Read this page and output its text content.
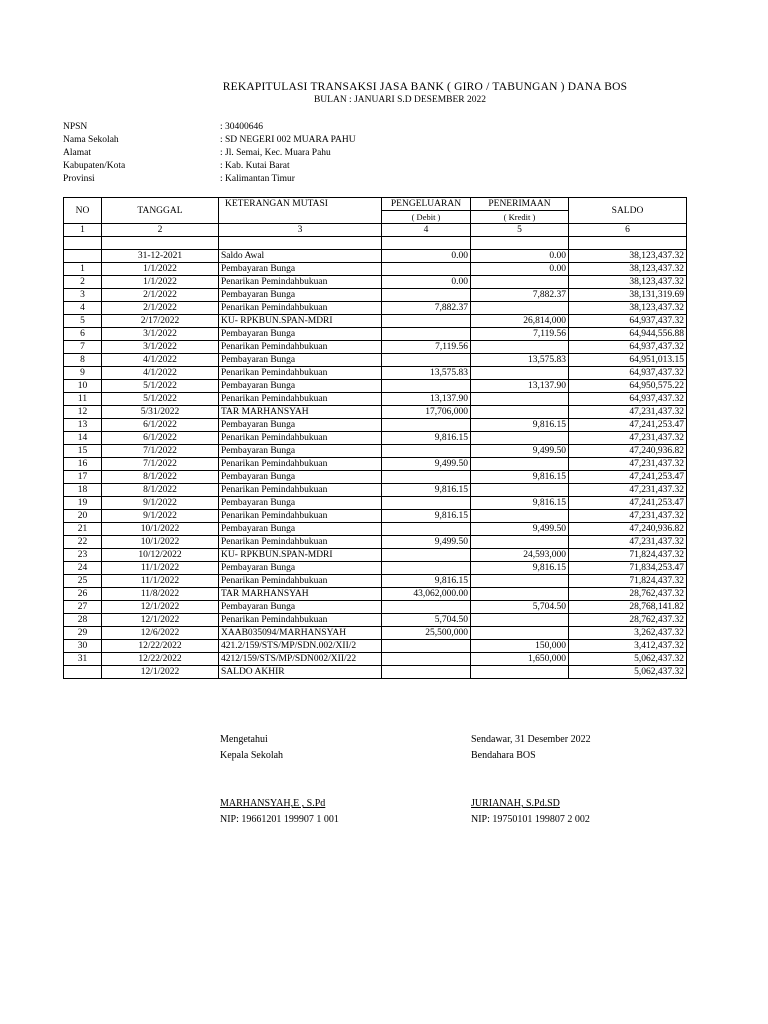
REKAPITULASI TRANSAKSI JASA BANK ( GIRO / TABUNGAN ) DANA BOS
BULAN : JANUARI S.D DESEMBER 2022
NPSN	: 30400646
Nama Sekolah	: SD NEGERI 002 MUARA PAHU
Alamat	: Jl. Semai, Kec. Muara Pahu
Kabupaten/Kota	: Kab. Kutai Barat
Provinsi	: Kalimantan Timur
NO	TANGGAL	KETERANGAN MUTASI	PENGELUARAN	PENERIMAAN	SALDO
			( Debit )	( Kredit )	
1	2	3	4	5	6

	31-12-2021	Saldo Awal	0.00	0.00	38,123,437.32
1	1/1/2022	Pembayaran Bunga		0.00	38,123,437.32
2	1/1/2022	Penarikan Pemindahbukuan	0.00		38,123,437.32
3	2/1/2022	Pembayaran Bunga		7,882.37	38,131,319.69
4	2/1/2022	Penarikan Pemindahbukuan	7,882.37		38,123,437.32
5	2/17/2022	KU- RPKBUN.SPAN-MDRI		26,814,000	64,937,437.32
6	3/1/2022	Pembayaran Bunga		7,119.56	64,944,556.88
7	3/1/2022	Penarikan Pemindahbukuan	7,119.56		64,937,437.32
8	4/1/2022	Pembayaran Bunga		13,575.83	64,951,013.15
9	4/1/2022	Penarikan Pemindahbukuan	13,575.83		64,937,437.32
10	5/1/2022	Pembayaran Bunga		13,137.90	64,950,575.22
11	5/1/2022	Penarikan Pemindahbukuan	13,137.90		64,937,437.32
12	5/31/2022	TAR MARHANSYAH	17,706,000		47,231,437.32
13	6/1/2022	Pembayaran Bunga		9,816.15	47,241,253.47
14	6/1/2022	Penarikan Pemindahbukuan	9,816.15		47,231,437.32
15	7/1/2022	Pembayaran Bunga		9,499.50	47,240,936.82
16	7/1/2022	Penarikan Pemindahbukuan	9,499.50		47,231,437.32
17	8/1/2022	Pembayaran Bunga		9,816.15	47,241,253.47
18	8/1/2022	Penarikan Pemindahbukuan	9,816.15		47,231,437.32
19	9/1/2022	Pembayaran Bunga		9,816.15	47,241,253.47
20	9/1/2022	Penarikan Pemindahbukuan	9,816.15		47,231,437.32
21	10/1/2022	Pembayaran Bunga		9,499.50	47,240,936.82
22	10/1/2022	Penarikan Pemindahbukuan	9,499.50		47,231,437.32
23	10/12/2022	KU- RPKBUN.SPAN-MDRI		24,593,000	71,824,437.32
24	11/1/2022	Pembayaran Bunga		9,816.15	71,834,253.47
25	11/1/2022	Penarikan Pemindahbukuan	9,816.15		71,824,437.32
26	11/8/2022	TAR MARHANSYAH	43,062,000.00		28,762,437.32
27	12/1/2022	Pembayaran Bunga		5,704.50	28,768,141.82
28	12/1/2022	Penarikan Pemindahbukuan	5,704.50		28,762,437.32
29	12/6/2022	XAAB035094/MARHANSYAH	25,500,000		3,262,437.32
30	12/22/2022	421.2/159/STS/MP/SDN.002/XII/2		150,000	3,412,437.32
31	12/22/2022	4212/159/STS/MP/SDN002/XII/22		1,650,000	5,062,437.32
	12/1/2022	SALDO AKHIR			5,062,437.32
Mengetahui
Kepala Sekolah
MARHANSYAH,E , S.Pd
NIP: 19661201 199907 1 001
Sendawar, 31 Desember 2022
Bendahara BOS
JURIANAH, S.Pd.SD
NIP: 19750101 199807 2 002
